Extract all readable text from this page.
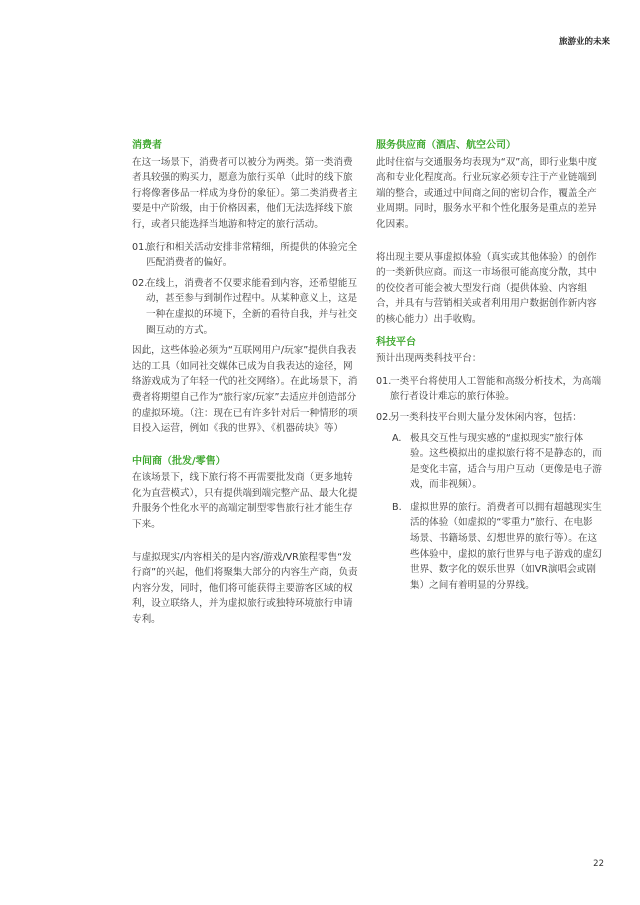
旅游业的未来
消费者

在这一场景下，消费者可以被分为两类。第一类消费者具较强的购买力，愿意为旅行买单（此时的线下旅行将像奢侈品一样成为身份的象征）。第二类消费者主要是中产阶级，由于价格因素，他们无法选择线下旅行，或者只能选择当地游和特定的旅行活动。

01.
旅行和相关活动安排非常精细，所提供的体验完全匹配消费者的偏好。
02.
在线上，消费者不仅要求能看到内容，还希望能互动，甚至参与到制作过程中。从某种意义上，这是一种在虚拟的环境下，全新的看待自我，并与社交圈互动的方式。

因此，这些体验必须为“互联网用户/玩家”提供自我表达的工具（如同社交媒体已成为自我表达的途径，网络游戏成为了年轻一代的社交网络）。在此场景下，消费者将期望自己作为“旅行家/玩家”去适应并创造部分的虚拟环境。（注：现在已有许多针对后一种情形的项目投入运营，例如《我的世界》、《机器砖块》等）

中间商（批发/零售）

在该场景下，线下旅行将不再需要批发商（更多地转化为直营模式），只有提供端到端完整产品、最大化提升服务个性化水平的高端定制型零售旅行社才能生存下来。

与虚拟现实/内容相关的是内容/游戏/VR旅程零售“发行商”的兴起，他们将聚集大部分的内容生产商，负责内容分发，同时，他们将可能获得主要游客区域的权利，设立联络人，并为虚拟旅行或独特环境旅行申请专利。

服务供应商（酒店、航空公司）

此时住宿与交通服务均表现为“双”高，即行业集中度高和专业化程度高。行业玩家必须专注于产业链端到端的整合，或通过中间商之间的密切合作，覆盖全产业周期。同时，服务水平和个性化服务是重点的差异化因素。

将出现主要从事虚拟体验（真实或其他体验）的创作的一类新供应商。而这一市场很可能高度分散，其中的佼佼者可能会被大型发行商（提供体验、内容组合，并具有与营销相关或者利用用户数据创作新内容的核心能力）出手收购。

科技平台

预计出现两类科技平台：

01.
一类平台将使用人工智能和高级分析技术，为高端旅行者设计难忘的旅行体验。
02.
另一类科技平台则大量分发休闲内容，包括：
A. 极具交互性与现实感的“虚拟现实”旅行体验。这些模拟出的虚拟旅行将不是静态的，而是变化丰富，适合与用户互动（更像是电子游戏，而非视频）。
B. 虚拟世界的旅行。消费者可以拥有超越现实生活的体验（如虚拟的“零重力”旅行、在电影场景、书籍场景、幻想世界的旅行等）。在这些体验中，虚拟的旅行世界与电子游戏的虚幻世界、数字化的娱乐世界（如VR演唱会或剧集）之间有着明显的分界线。
22
